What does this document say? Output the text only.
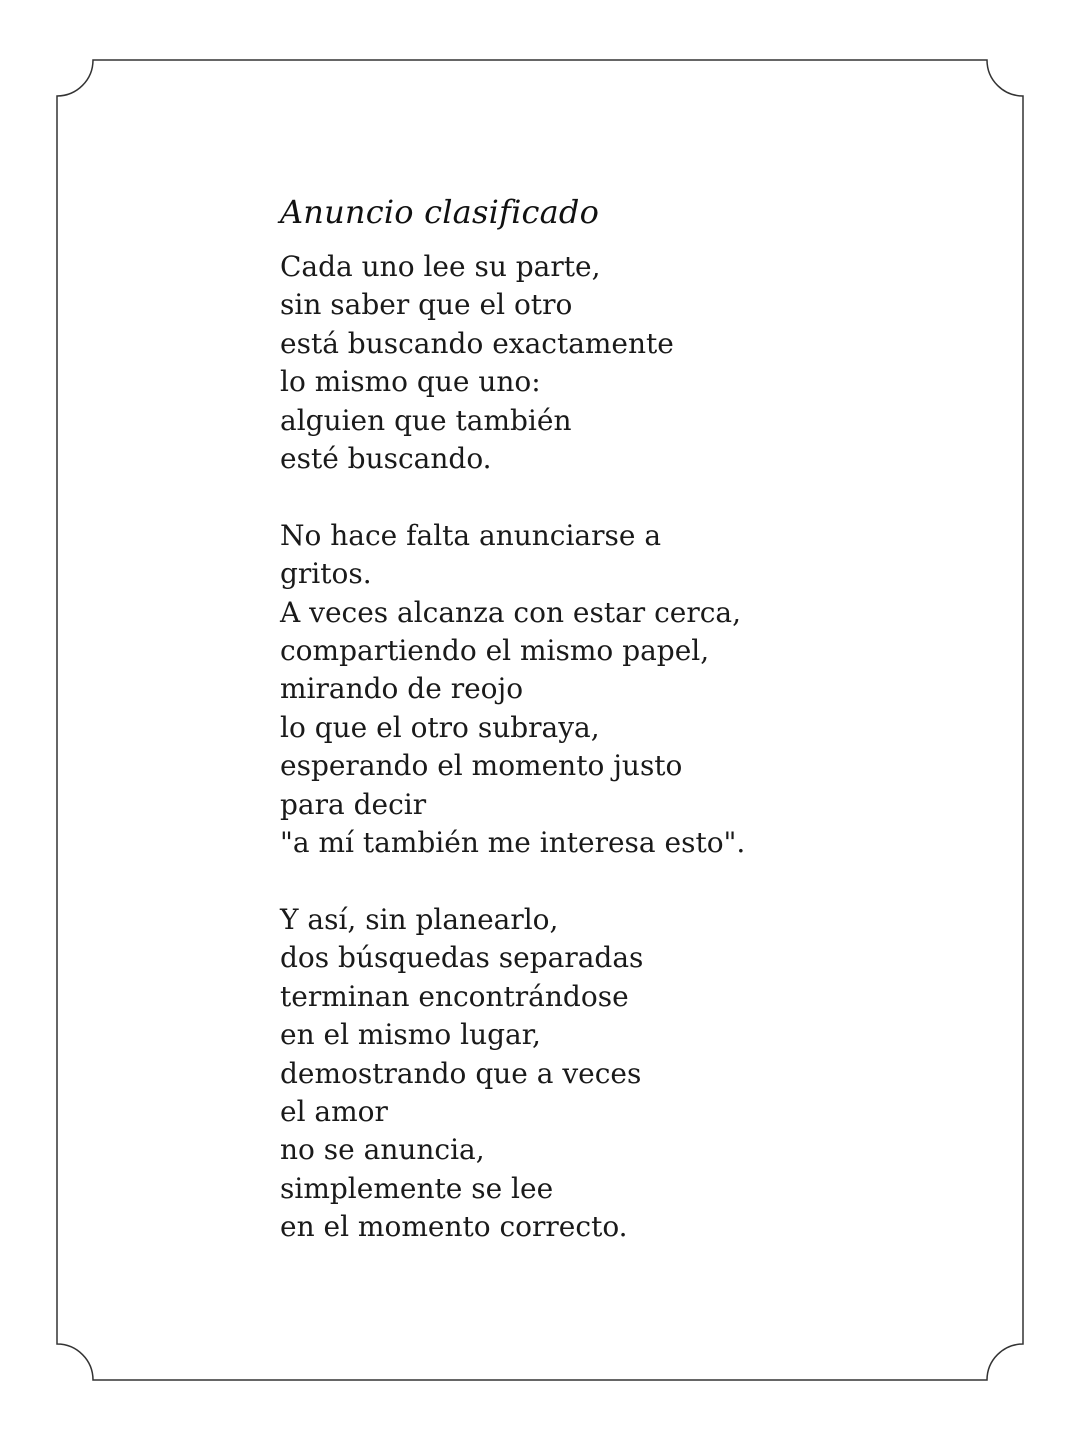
Anuncio clasificado

Cada uno lee su parte,
sin saber que el otro
está buscando exactamente
lo mismo que uno:
alguien que también
esté buscando.

No hace falta anunciarse a
gritos.
A veces alcanza con estar cerca,
compartiendo el mismo papel,
mirando de reojo
lo que el otro subraya,
esperando el momento justo
para decir
"a mí también me interesa esto".

Y así, sin planearlo,
dos búsquedas separadas
terminan encontrándose
en el mismo lugar,
demostrando que a veces
el amor
no se anuncia,
simplemente se lee
en el momento correcto.
